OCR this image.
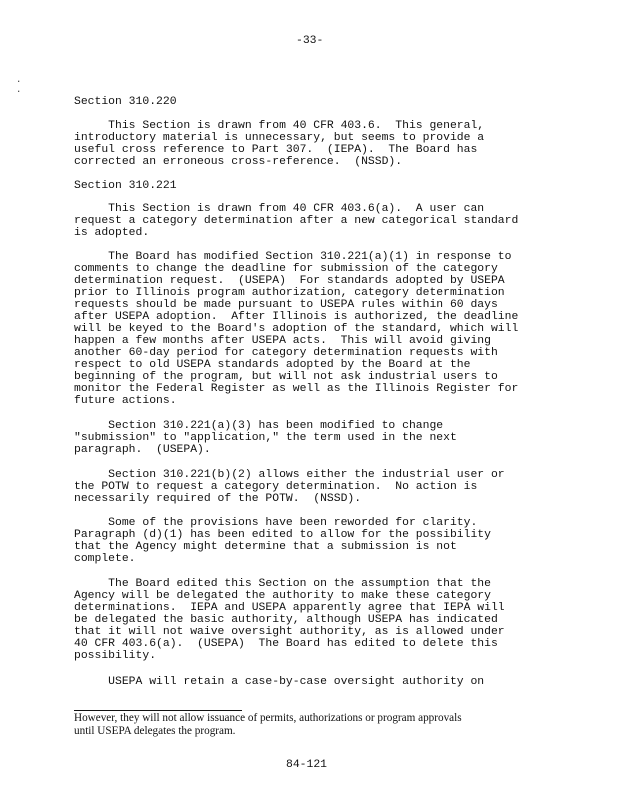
-33-
.
.
Section 310.220
This Section is drawn from 40 CFR 403.6.  This general,
introductory material is unnecessary, but seems to provide a
useful cross reference to Part 307.  (IEPA).  The Board has
corrected an erroneous cross-reference.  (NSSD).
Section 310.221
This Section is drawn from 40 CFR 403.6(a).  A user can
request a category determination after a new categorical standard
is adopted.
The Board has modified Section 310.221(a)(1) in response to
comments to change the deadline for submission of the category
determination request.  (USEPA)  For standards adopted by USEPA
prior to Illinois program authorization, category determination
requests should be made pursuant to USEPA rules within 60 days
after USEPA adoption.  After Illinois is authorized, the deadline
will be keyed to the Board's adoption of the standard, which will
happen a few months after USEPA acts.  This will avoid giving
another 60-day period for category determination requests with
respect to old USEPA standards adopted by the Board at the
beginning of the program, but will not ask industrial users to
monitor the Federal Register as well as the Illinois Register for
future actions.
Section 310.221(a)(3) has been modified to change
"submission" to "application," the term used in the next
paragraph.  (USEPA).
Section 310.221(b)(2) allows either the industrial user or
the POTW to request a category determination.  No action is
necessarily required of the POTW.  (NSSD).
Some of the provisions have been reworded for clarity.
Paragraph (d)(1) has been edited to allow for the possibility
that the Agency might determine that a submission is not
complete.
The Board edited this Section on the assumption that the
Agency will be delegated the authority to make these category
determinations.  IEPA and USEPA apparently agree that IEPA will
be delegated the basic authority, although USEPA has indicated
that it will not waive oversight authority, as is allowed under
40 CFR 403.6(a).  (USEPA)  The Board has edited to delete this
possibility.
USEPA will retain a case-by-case oversight authority on
However, they will not allow issuance of permits, authorizations or program approvals
until USEPA delegates the program.
84-121
